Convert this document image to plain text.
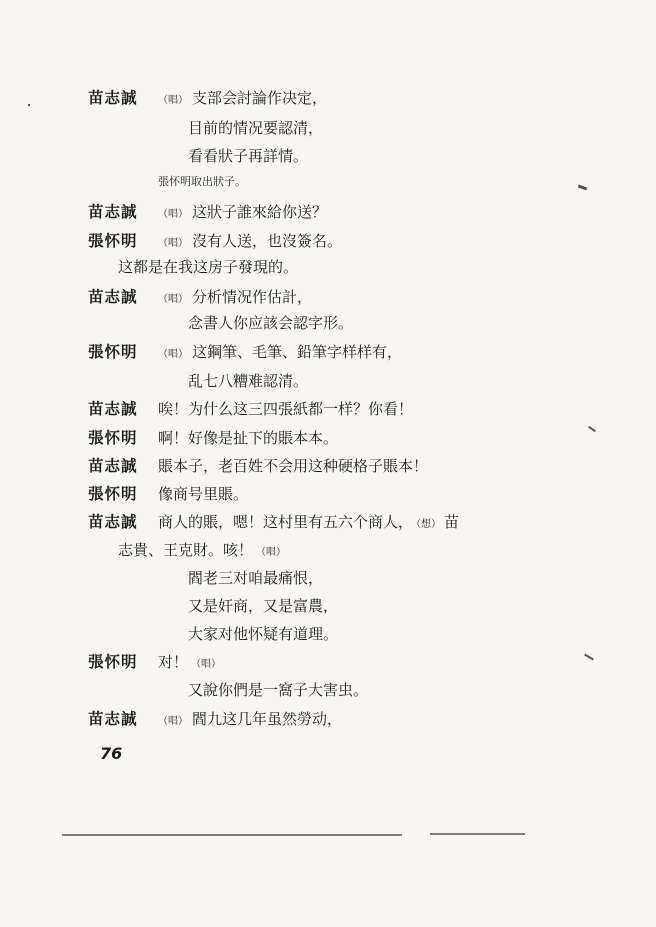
苗志誠 （唱） 支部会討論作决定，
目前的情况要認清，
看看狀子再詳情。
張怀明取出狀子。
苗志誠 （唱） 这狀子誰來給你送？
張怀明 （唱） 沒有人送，也沒簽名。
这都是在我这房子發現的。
苗志誠 （唱） 分析情况作估計，
念書人你应該会認字形。
張怀明 （唱） 这鋼筆、毛筆、鉛筆字样样有，
乱七八糟难認清。
苗志誠 唉！为什么这三四張紙都一样？你看！
張怀明 啊！好像是扯下的賬本本。
苗志誠 賬本子，老百姓不会用这种硬格子賬本！
張怀明 像商号里賬。
苗志誠 商人的賬，嗯！这村里有五六个商人， （想） 苗
志貴、王克財。咳！ （唱）
閻老三对咱最痛恨，
又是奸商，又是富農，
大家对他怀疑有道理。
張怀明 对！ （唱）
又說你們是一窩子大害虫。
苗志誠 （唱） 閻九这几年虽然勞动，
76
